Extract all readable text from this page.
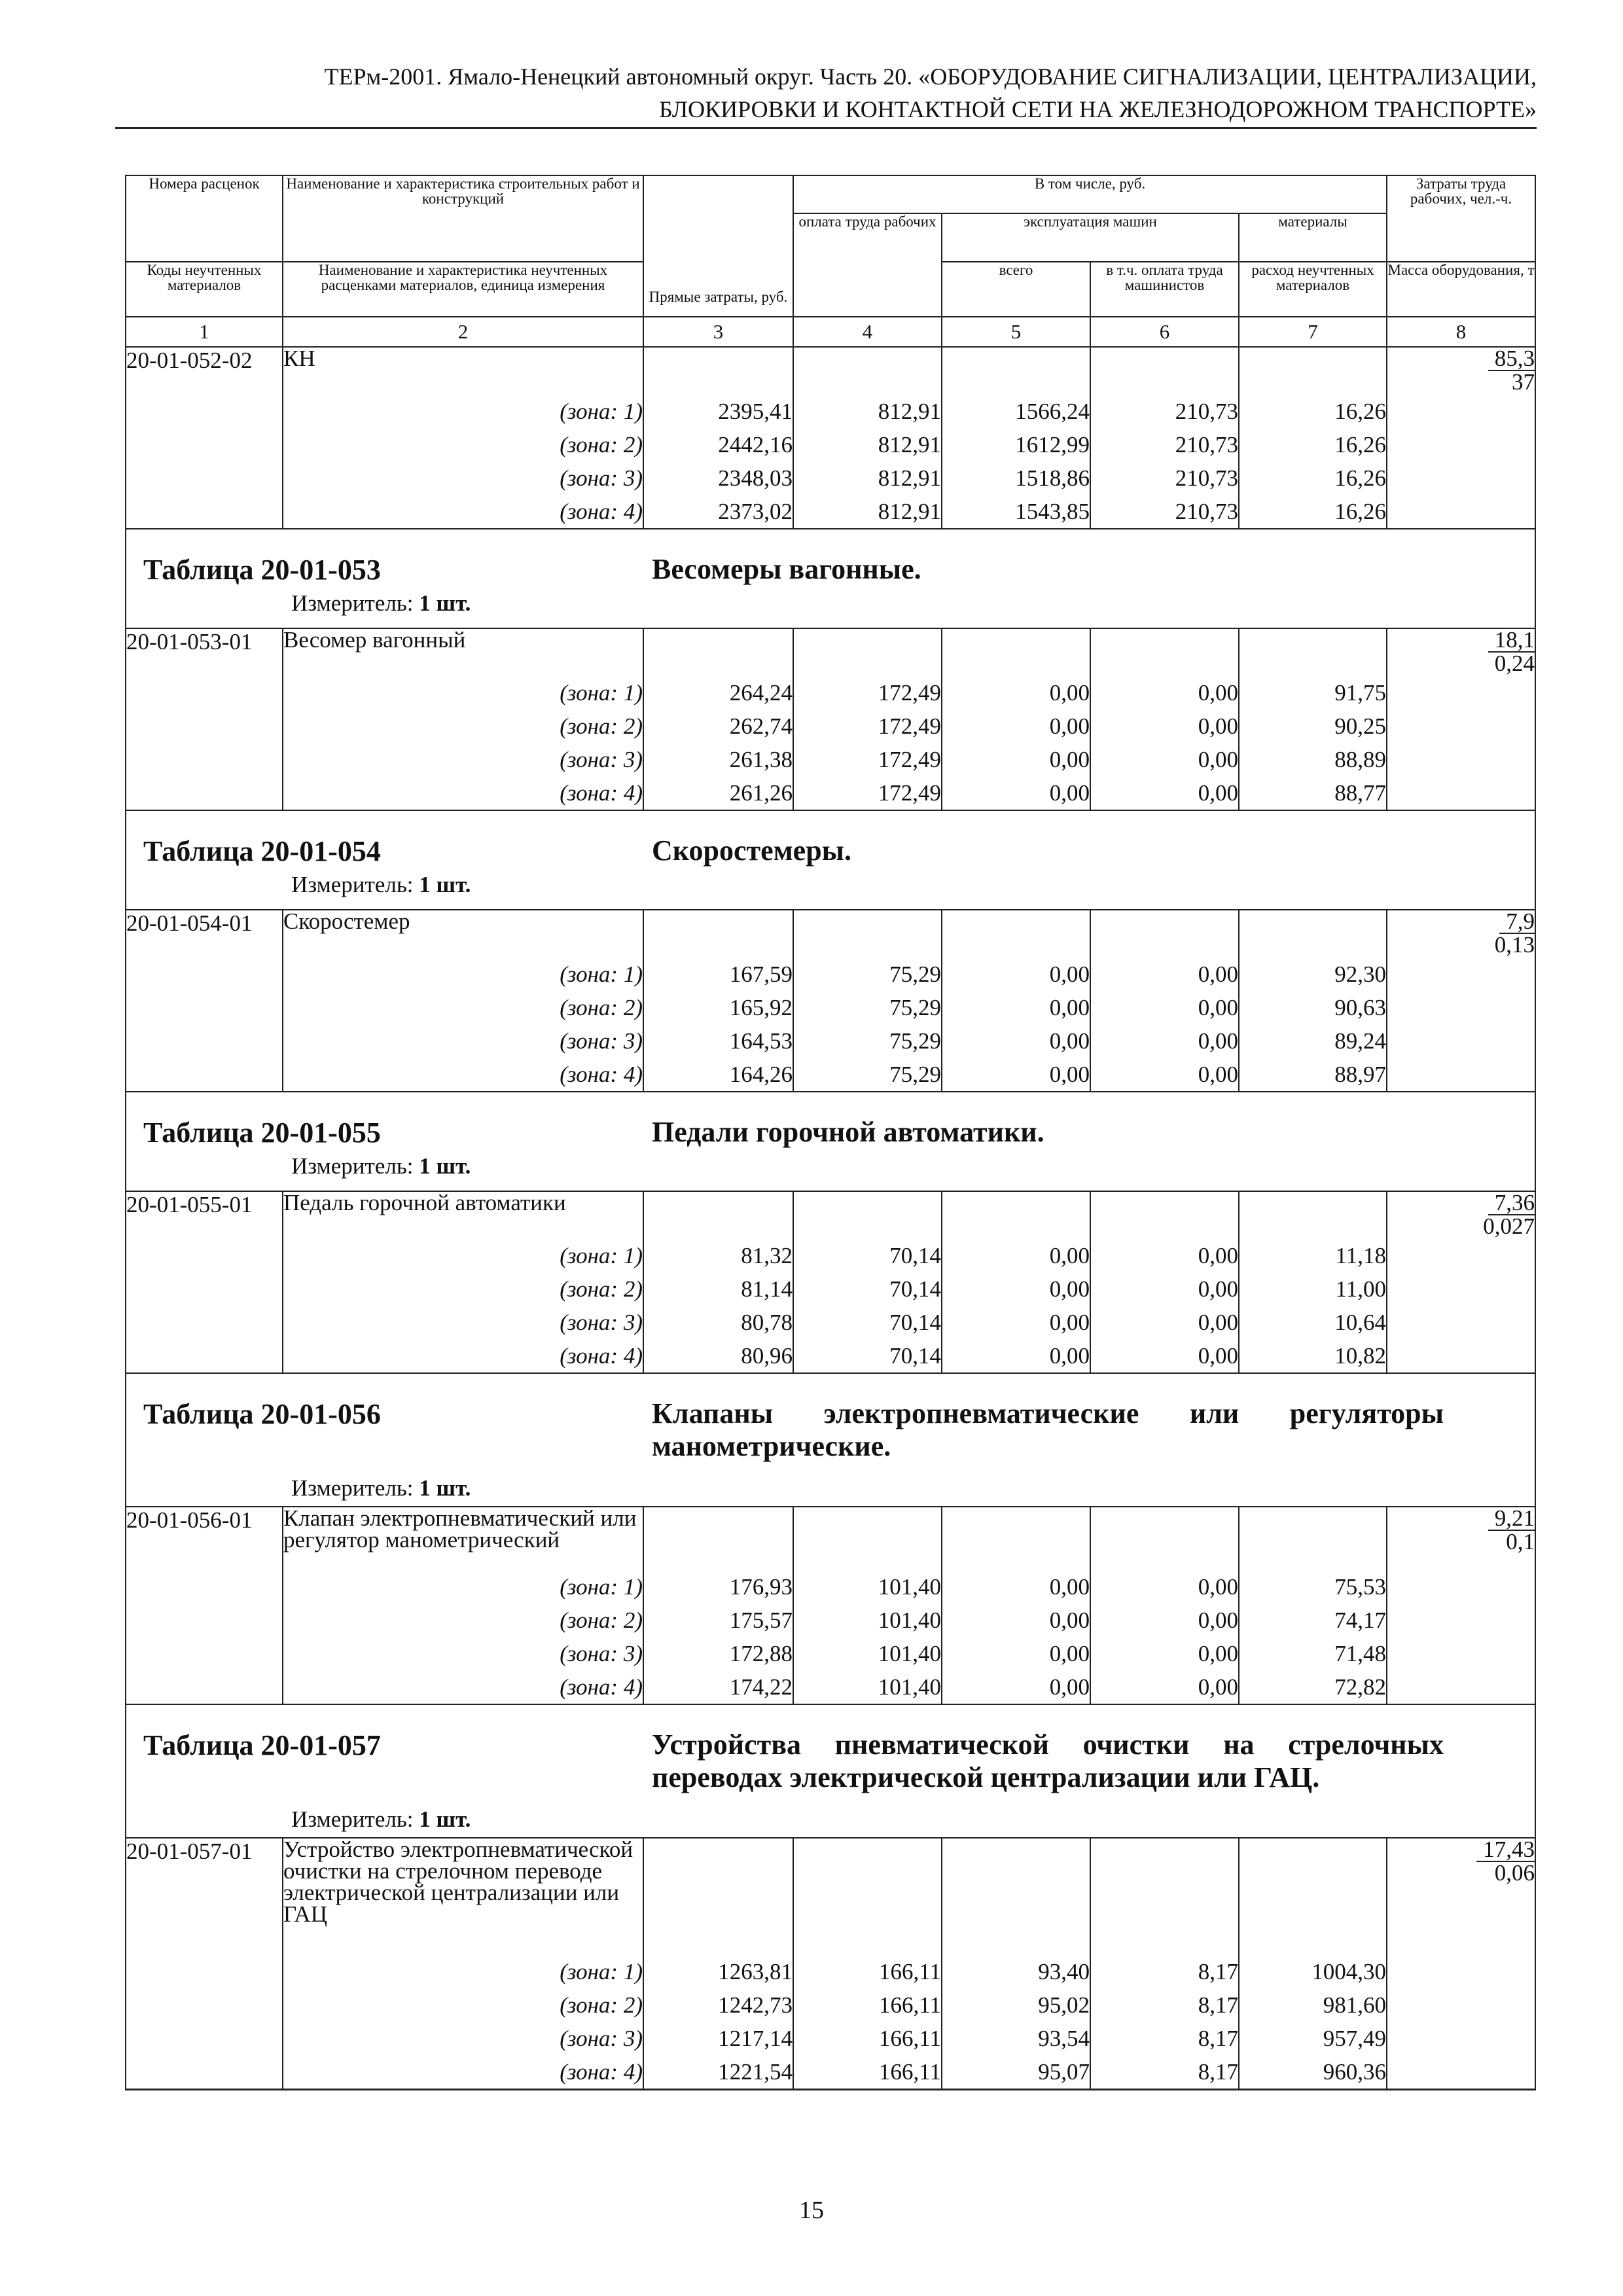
ТЕРм-2001. Ямало-Ненецкий автономный округ. Часть 20. «ОБОРУДОВАНИЕ СИГНАЛИЗАЦИИ, ЦЕНТРАЛИЗАЦИИ,
БЛОКИРОВКИ И КОНТАКТНОЙ СЕТИ НА ЖЕЛЕЗНОДОРОЖНОМ ТРАНСПОРТЕ»
Номера расценок	Наименование и характеристика строительных работ и конструкций	Прямые затраты, руб.	В том числе, руб.				Затраты труда рабочих, чел.-ч.
			оплата труда рабочих	эксплуатация машин		материалы	
Коды неучтенных материалов	Наименование и характеристика неучтенных расценками материалов, единица измерения			всего	в т.ч. оплата труда машинистов	расход неучтенных материалов	Масса оборудования, т
1	2	3	4	5	6	7	8
20-01-052-02	КН						85,3
37

	(зона: 1)	2395,41	812,91	1566,24	210,73	16,26	
	(зона: 2)	2442,16	812,91	1612,99	210,73	16,26	
	(зона: 3)	2348,03	812,91	1518,86	210,73	16,26	
	(зона: 4)	2373,02	812,91	1543,85	210,73	16,26	

Таблица 20-01-053 Весомеры вагонные.
Измеритель: 1 шт.							

20-01-053-01	Весомер вагонный						18,1
0,24

	(зона: 1)	264,24	172,49	0,00	0,00	91,75	
	(зона: 2)	262,74	172,49	0,00	0,00	90,25	
	(зона: 3)	261,38	172,49	0,00	0,00	88,89	
	(зона: 4)	261,26	172,49	0,00	0,00	88,77	

Таблица 20-01-054 Скоростемеры.
Измеритель: 1 шт.							

20-01-054-01	Скоростемер						7,9
0,13

	(зона: 1)	167,59	75,29	0,00	0,00	92,30	
	(зона: 2)	165,92	75,29	0,00	0,00	90,63	
	(зона: 3)	164,53	75,29	0,00	0,00	89,24	
	(зона: 4)	164,26	75,29	0,00	0,00	88,97	

Таблица 20-01-055 Педали горочной автоматики.
Измеритель: 1 шт.							

20-01-055-01	Педаль горочной автоматики						7,36
0,027

	(зона: 1)	81,32	70,14	0,00	0,00	11,18	
	(зона: 2)	81,14	70,14	0,00	0,00	11,00	
	(зона: 3)	80,78	70,14	0,00	0,00	10,64	
	(зона: 4)	80,96	70,14	0,00	0,00	10,82	

Таблица 20-01-056 Клапаны электропневматические или регуляторы манометрические.
Измеритель: 1 шт.							

20-01-056-01	Клапан электропневматический или регулятор манометрический						9,21
0,1

	(зона: 1)	176,93	101,40	0,00	0,00	75,53	
	(зона: 2)	175,57	101,40	0,00	0,00	74,17	
	(зона: 3)	172,88	101,40	0,00	0,00	71,48	
	(зона: 4)	174,22	101,40	0,00	0,00	72,82	

Таблица 20-01-057 Устройства пневматической очистки на стрелочных переводах электрической централизации или ГАЦ.
Измеритель: 1 шт.							

20-01-057-01	Устройство электропневматической очистки на стрелочном переводе электрической централизации или ГАЦ						17,43
0,06

	(зона: 1)	1263,81	166,11	93,40	8,17	1004,30	
	(зона: 2)	1242,73	166,11	95,02	8,17	981,60	
	(зона: 3)	1217,14	166,11	93,54	8,17	957,49	
	(зона: 4)	1221,54	166,11	95,07	8,17	960,36	
15
